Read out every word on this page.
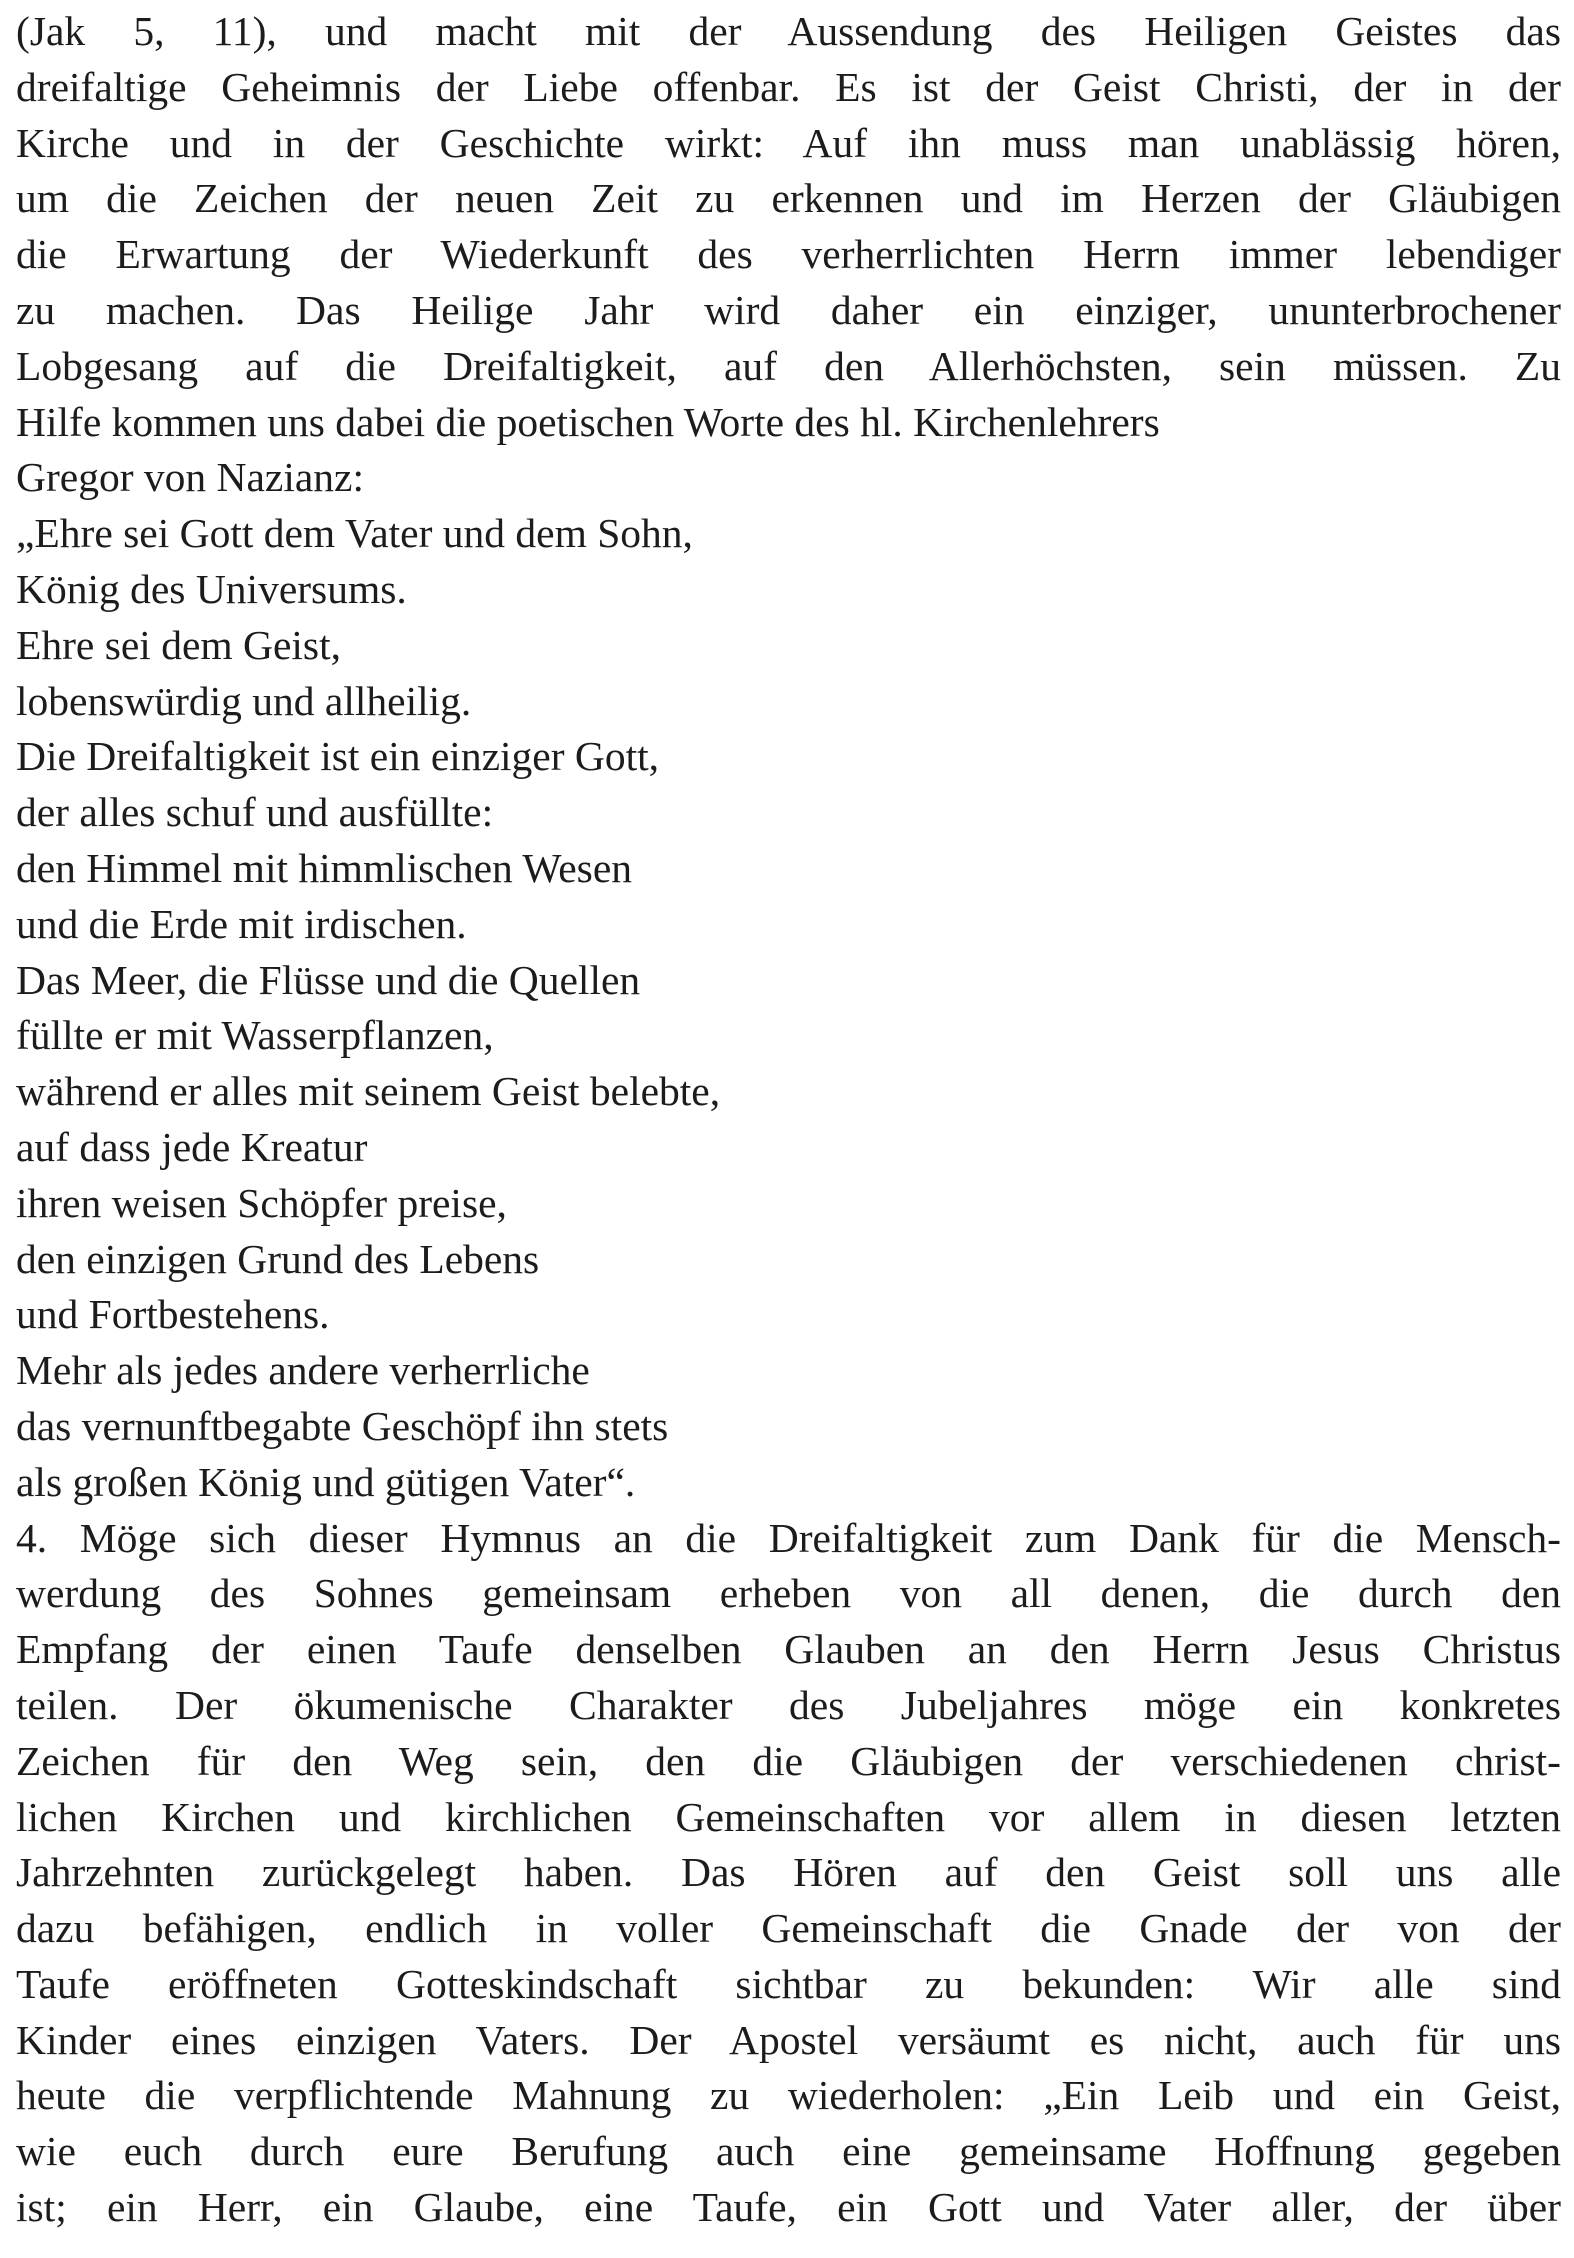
(Jak 5, 11), und macht mit der Aussendung des Heiligen Geistes das
dreifaltige Geheimnis der Liebe offenbar. Es ist der Geist Christi, der in der
Kirche und in der Geschichte wirkt: Auf ihn muss man unablässig hören,
um die Zeichen der neuen Zeit zu erkennen und im Herzen der Gläubigen
die Erwartung der Wiederkunft des verherrlichten Herrn immer lebendiger
zu machen. Das Heilige Jahr wird daher ein einziger, ununterbrochener
Lobgesang auf die Dreifaltigkeit, auf den Allerhöchsten, sein müssen. Zu
Hilfe kommen uns dabei die poetischen Worte des hl. Kirchenlehrers
Gregor von Nazianz:
„Ehre sei Gott dem Vater und dem Sohn,
König des Universums.
Ehre sei dem Geist,
lobenswürdig und allheilig.
Die Dreifaltigkeit ist ein einziger Gott,
der alles schuf und ausfüllte:
den Himmel mit himmlischen Wesen
und die Erde mit irdischen.
Das Meer, die Flüsse und die Quellen
füllte er mit Wasserpflanzen,
während er alles mit seinem Geist belebte,
auf dass jede Kreatur
ihren weisen Schöpfer preise,
den einzigen Grund des Lebens
und Fortbestehens.
Mehr als jedes andere verherrliche
das vernunftbegabte Geschöpf ihn stets
als großen König und gütigen Vater“.
4. Möge sich dieser Hymnus an die Dreifaltigkeit zum Dank für die Mensch-
werdung des Sohnes gemeinsam erheben von all denen, die durch den
Empfang der einen Taufe denselben Glauben an den Herrn Jesus Christus
teilen. Der ökumenische Charakter des Jubeljahres möge ein konkretes
Zeichen für den Weg sein, den die Gläubigen der verschiedenen christ-
lichen Kirchen und kirchlichen Gemeinschaften vor allem in diesen letzten
Jahrzehnten zurückgelegt haben. Das Hören auf den Geist soll uns alle
dazu befähigen, endlich in voller Gemeinschaft die Gnade der von der
Taufe eröffneten Gotteskindschaft sichtbar zu bekunden: Wir alle sind
Kinder eines einzigen Vaters. Der Apostel versäumt es nicht, auch für uns
heute die verpflichtende Mahnung zu wiederholen: „Ein Leib und ein Geist,
wie euch durch eure Berufung auch eine gemeinsame Hoffnung gegeben
ist; ein Herr, ein Glaube, eine Taufe, ein Gott und Vater aller, der über
